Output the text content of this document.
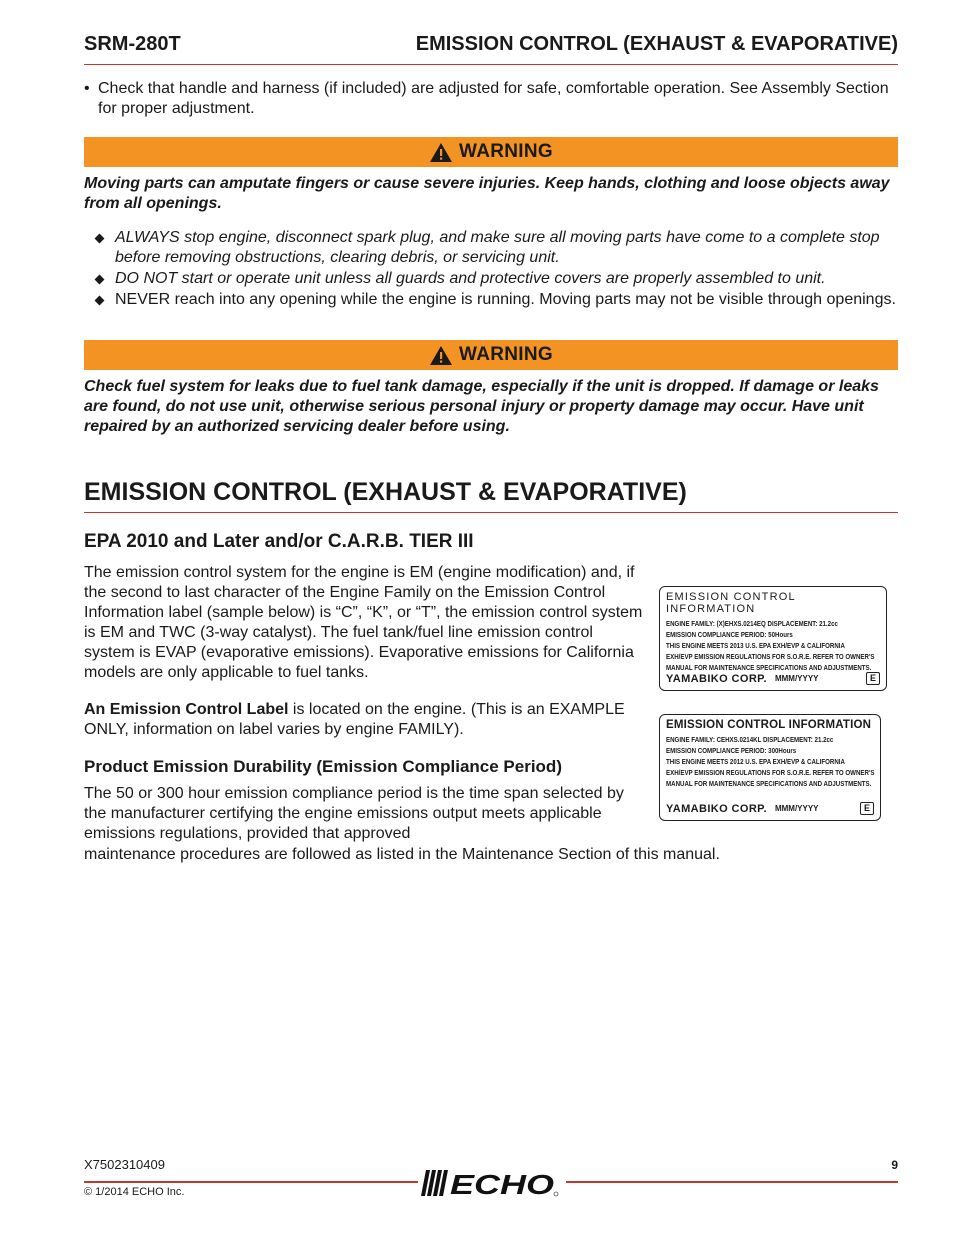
SRM-280T	EMISSION CONTROL (EXHAUST & EVAPORATIVE)
• Check that handle and harness (if included) are adjusted for safe, comfortable operation. See Assembly Section for proper adjustment.
WARNING
Moving parts can amputate fingers or cause severe injuries. Keep hands, clothing and loose objects away from all openings.
ALWAYS stop engine, disconnect spark plug, and make sure all moving parts have come to a complete stop before removing obstructions, clearing debris, or servicing unit.
DO NOT start or operate unit unless all guards and protective covers are properly assembled to unit.
NEVER reach into any opening while the engine is running. Moving parts may not be visible through openings.
WARNING
Check fuel system for leaks due to fuel tank damage, especially if the unit is dropped. If damage or leaks are found, do not use unit, otherwise serious personal injury or property damage may occur. Have unit repaired by an authorized servicing dealer before using.
EMISSION CONTROL (EXHAUST & EVAPORATIVE)
EPA 2010 and Later and/or C.A.R.B. TIER III
The emission control system for the engine is EM (engine modification) and, if the second to last character of the Engine Family on the Emission Control Information label (sample below) is “C”, “K”, or “T”, the emission control system is EM and TWC (3-way catalyst). The fuel tank/fuel line emission control system is EVAP (evaporative emissions). Evaporative emissions for California models are only applicable to fuel tanks.
An Emission Control Label is located on the engine. (This is an EXAMPLE ONLY, information on label varies by engine FAMILY).
Product Emission Durability (Emission Compliance Period)
The 50 or 300 hour emission compliance period is the time span selected by the manufacturer certifying the engine emissions output meets applicable emissions regulations, provided that approved
maintenance procedures are followed as listed in the Maintenance Section of this manual.
EMISSION CONTROL INFORMATION
ENGINE FAMILY: (X)EHXS.0214EQ DISPLACEMENT: 21.2cc
EMISSION COMPLIANCE PERIOD: 50Hours
THIS ENGINE MEETS 2013 U.S. EPA EXH/EVP & CALIFORNIA
EXH/EVP EMISSION REGULATIONS FOR S.O.R.E. REFER TO OWNER'S
MANUAL FOR MAINTENANCE SPECIFICATIONS AND ADJUSTMENTS.
YAMABIKO CORP. MMM/YYYY	E
EMISSION CONTROL INFORMATION
ENGINE FAMILY: CEHXS.0214KL DISPLACEMENT: 21.2cc
EMISSION COMPLIANCE PERIOD: 300Hours
THIS ENGINE MEETS 2012 U.S. EPA EXH/EVP & CALIFORNIA
EXH/EVP EMISSION REGULATIONS FOR S.O.R.E. REFER TO OWNER'S
MANUAL FOR MAINTENANCE SPECIFICATIONS AND ADJUSTMENTS.
YAMABIKO CORP. MMM/YYYY	E
X7502310409	9
© 1/2014 ECHO Inc.	ECHO
